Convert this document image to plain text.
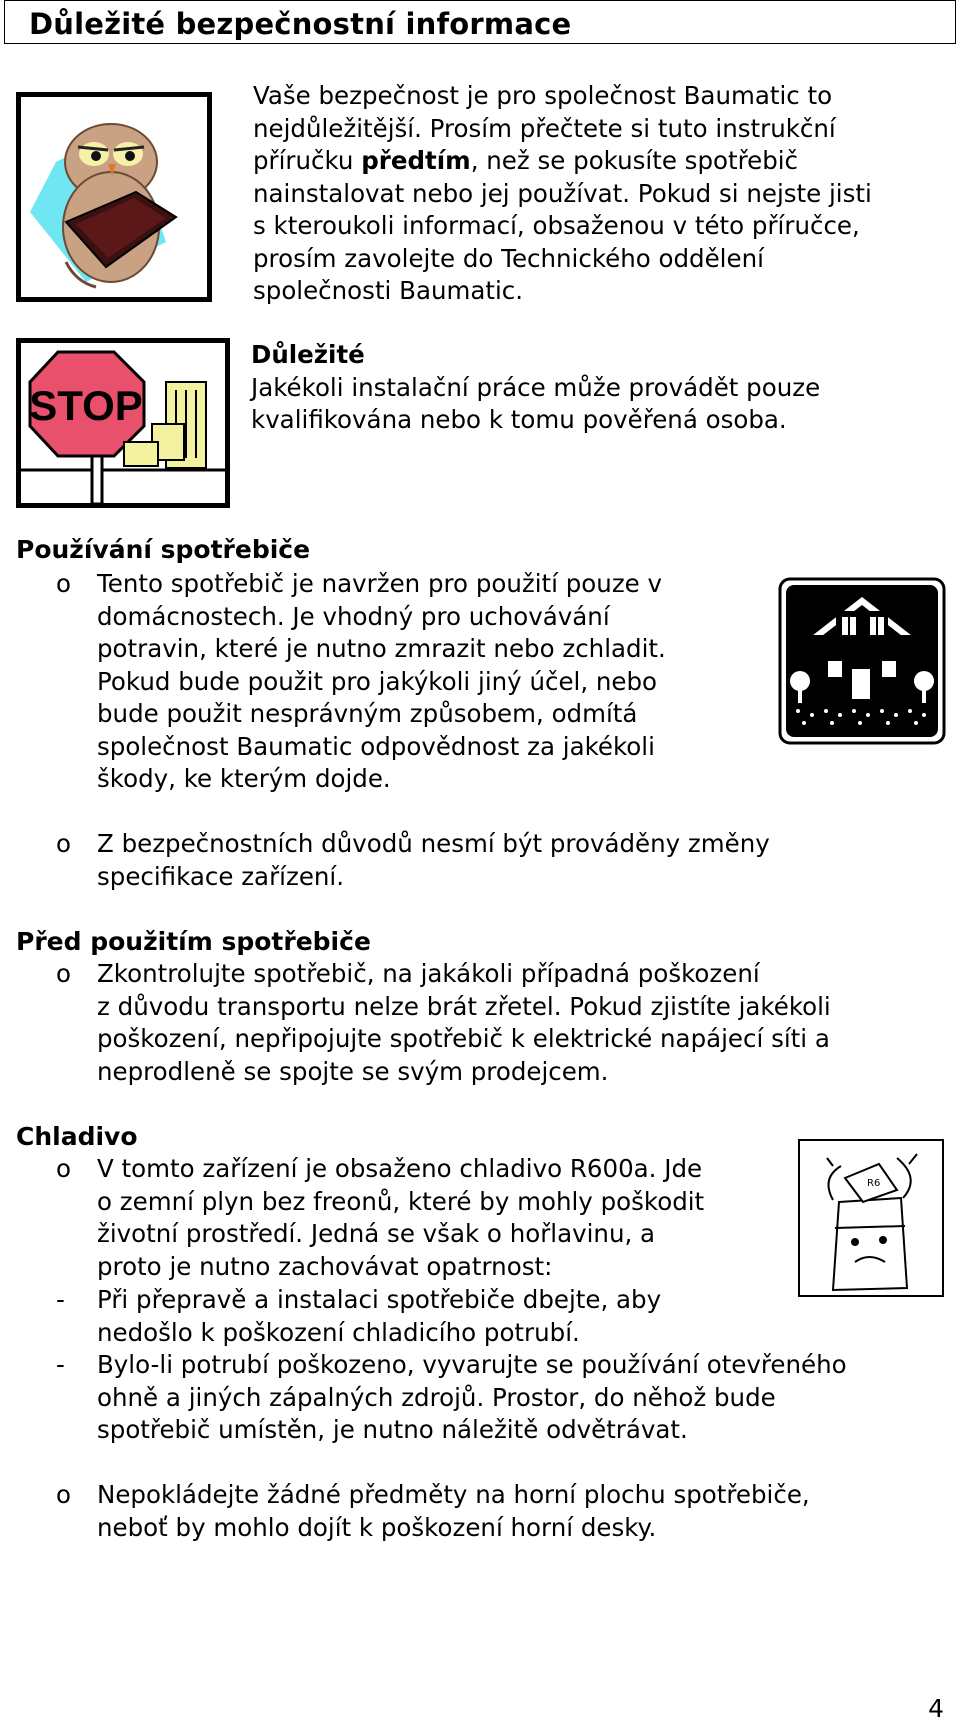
Důležité bezpečnostní informace

Vaše bezpečnost je pro společnost Baumatic to

nejdůležitější. Prosím přečtete si tuto instrukční

příručku předtím, než se pokusíte spotřebič

nainstalovat nebo jej používat. Pokud si nejste jisti

s kteroukoli informací, obsaženou v této příručce,

prosím zavolejte do Technického oddělení

společnosti Baumatic.

STOP

Důležité

Jakékoli instalační práce může provádět pouze

kvalifikována nebo k tomu pověřená osoba.

Používání spotřebiče
o Tento spotřebič je navržen pro použití pouze v
domácnostech. Je vhodný pro uchovávání
potravin, které je nutno zmrazit nebo zchladit.
Pokud bude použit pro jakýkoli jiný účel, nebo
bude použit nesprávným způsobem, odmítá
společnost Baumatic odpovědnost za jakékoli
škody, ke kterým dojde.
o Z bezpečnostních důvodů nesmí být prováděny změny
specifikace zařízení.
Před použitím spotřebiče
o Zkontrolujte spotřebič, na jakákoli případná poškození
z důvodu transportu nelze brát zřetel. Pokud zjistíte jakékoli
poškození, nepřipojujte spotřebič k elektrické napájecí síti a
neprodleně se spojte se svým prodejcem.
Chladivo
o V tomto zařízení je obsaženo chladivo R600a. Jde
o zemní plyn bez freonů, které by mohly poškodit
životní prostředí. Jedná se však o hořlavinu, a
proto je nutno zachovávat opatrnost:
- Při přepravě a instalaci spotřebiče dbejte, aby
nedošlo k poškození chladicího potrubí.
- Bylo-li potrubí poškozeno, vyvarujte se používání otevřeného
ohně a jiných zápalných zdrojů. Prostor, do něhož bude
spotřebič umístěn, je nutno náležitě odvětrávat.
R6
o Nepokládejte žádné předměty na horní plochu spotřebiče,
neboť by mohlo dojít k poškození horní desky.
4
